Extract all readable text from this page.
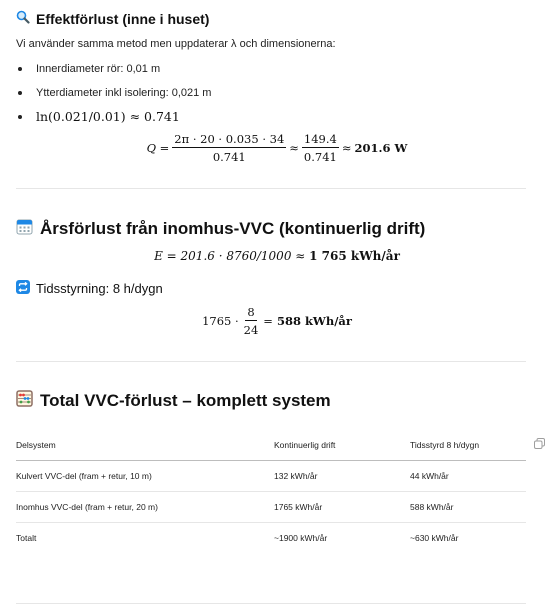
Effektförlust (inne i huset)
Vi använder samma metod men uppdaterar λ och dimensionerna:
Innerdiameter rör: 0,01 m
Ytterdiameter inkl isolering: 0,021 m
ln(0.021/0.01) ≈ 0.741
$Q = \frac{2\pi \cdot 20 \cdot 0.035 \cdot 34}{0.741} \approx \frac{149.4}{0.741} \approx 201.6$ W
Årsförlust från inomhus-VVC (kontinuerlig drift)
E = 201.6 · 8760/1000 ≈ 1 765 kWh/år
Tidsstyrning: 8 h/dygn
$1765 \cdot \frac{8}{24} = 588$ kWh/år
Total VVC-förlust – komplett system
Delsystem	Kontinuerlig drift	Tidsstyrd 8 h/dygn
Kulvert VVC-del (fram + retur, 10 m)	132 kWh/år	44 kWh/år
Inomhus VVC-del (fram + retur, 20 m)	1765 kWh/år	588 kWh/år
Totalt	~1900 kWh/år	~630 kWh/år
